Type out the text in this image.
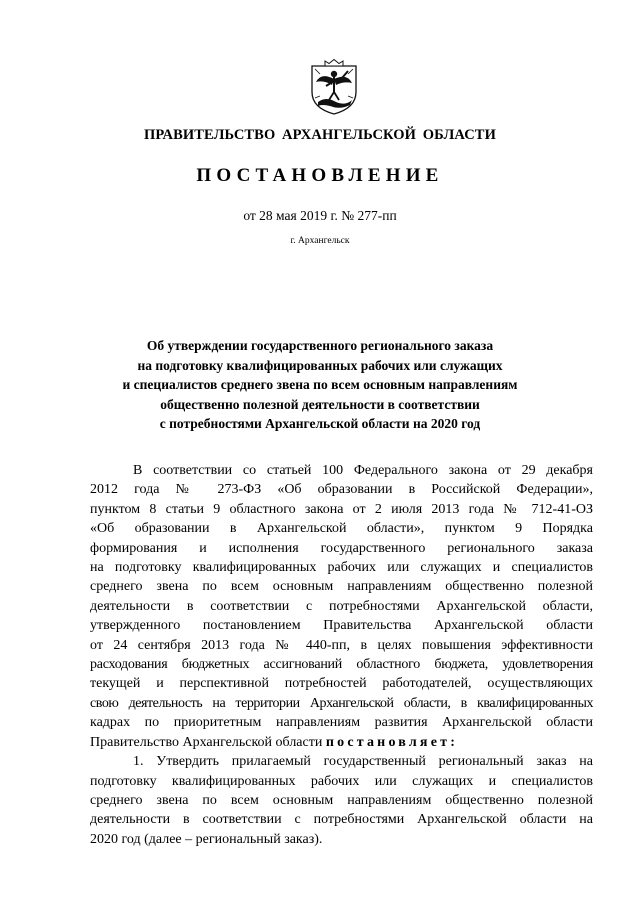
ПРАВИТЕЛЬСТВО АРХАНГЕЛЬСКОЙ ОБЛАСТИ
ПОСТАНОВЛЕНИЕ
от 28 мая 2019 г. № 277-пп
г. Архангельск
Об утверждении государственного регионального заказа
на подготовку квалифицированных рабочих или служащих
и специалистов среднего звена по всем основным направлениям
общественно полезной деятельности в соответствии
с потребностями Архангельской области на 2020 год
В соответствии со статьей 100 Федерального закона от 29 декабря
2012 года № 273-ФЗ «Об образовании в Российской Федерации»,
пунктом 8 статьи 9 областного закона от 2 июля 2013 года № 712-41-ОЗ
«Об образовании в Архангельской области», пунктом 9 Порядка
формирования и исполнения государственного регионального заказа
на подготовку квалифицированных рабочих или служащих и специалистов
среднего звена по всем основным направлениям общественно полезной
деятельности в соответствии с потребностями Архангельской области,
утвержденного постановлением Правительства Архангельской области
от 24 сентября 2013 года № 440-пп, в целях повышения эффективности
расходования бюджетных ассигнований областного бюджета, удовлетворения
текущей и перспективной потребностей работодателей, осуществляющих
свою деятельность на территории Архангельской области, в квалифицированных
кадрах по приоритетным направлениям развития Архангельской области
Правительство Архангельской области постановляет:
1. Утвердить прилагаемый государственный региональный заказ на
подготовку квалифицированных рабочих или служащих и специалистов
среднего звена по всем основным направлениям общественно полезной
деятельности в соответствии с потребностями Архангельской области на
2020 год (далее – региональный заказ).
